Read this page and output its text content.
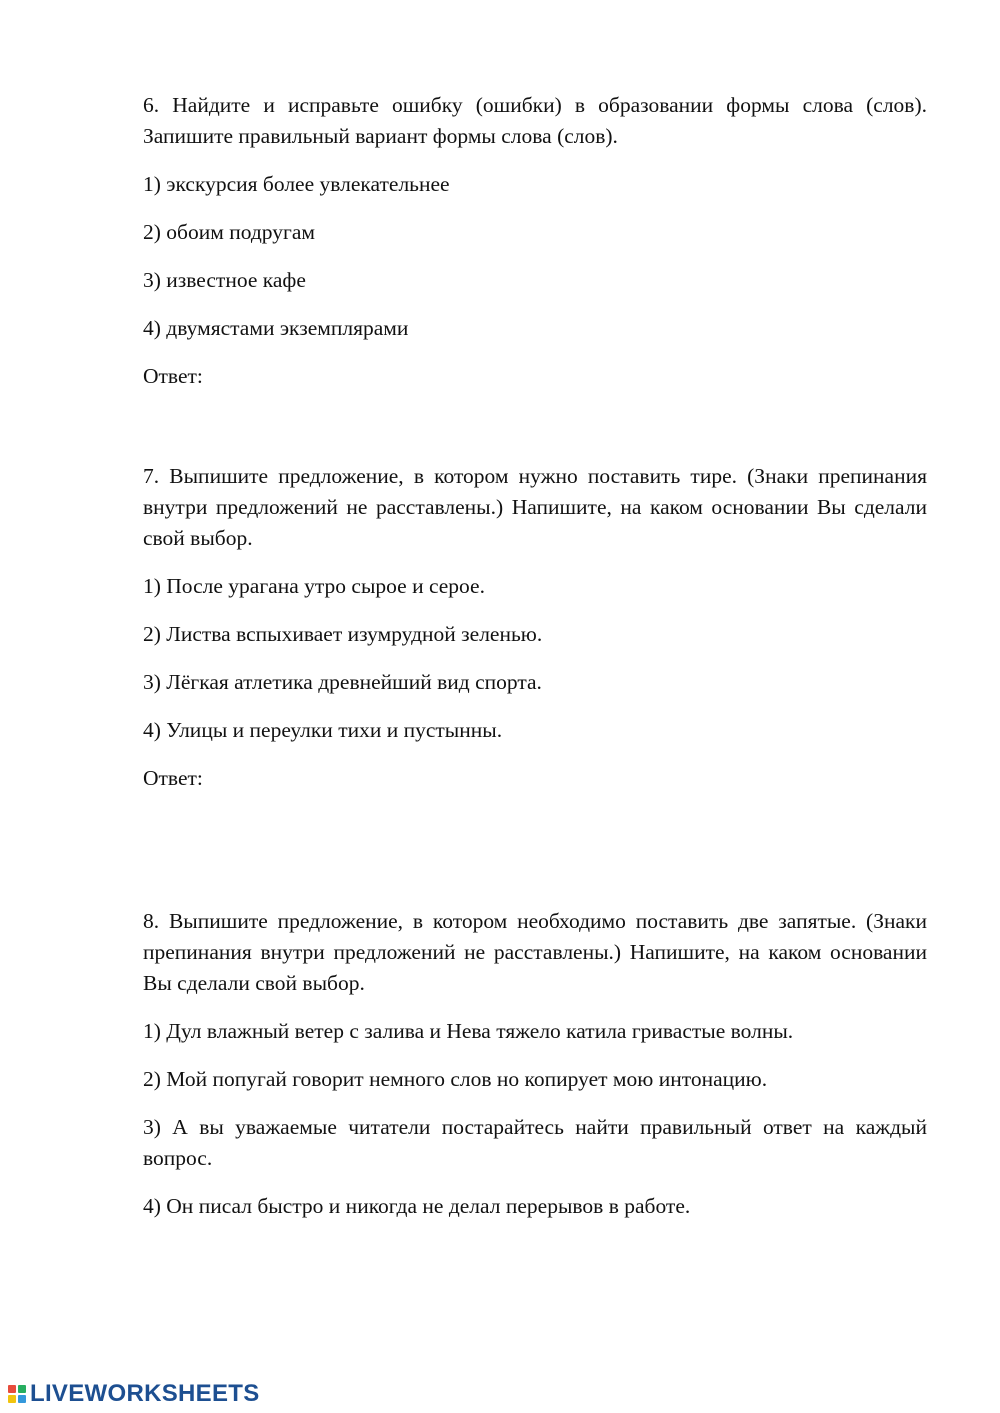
6. Найдите и исправьте ошибку (ошибки) в образовании формы слова (слов). Запишите правильный вариант формы слова (слов).

1) экскурсия более увлекательнее

2) обоим подругам

3) известное кафе

4) двумястами экземплярами

Ответ:

7. Выпишите предложение, в котором нужно поставить тире. (Знаки препинания внутри предложений не расставлены.) Напишите, на каком основании Вы сделали свой выбор.

1) После урагана утро сырое и серое.

2) Листва вспыхивает изумрудной зеленью.

3) Лёгкая атлетика древнейший вид спорта.

4) Улицы и переулки тихи и пустынны.

Ответ:

8. Выпишите предложение, в котором необходимо поставить две запятые. (Знаки препинания внутри предложений не расставлены.) Напишите, на каком основании Вы сделали свой выбор.

1) Дул влажный ветер с залива и Нева тяжело катила гривастые волны.

2) Мой попугай говорит немного слов но копирует мою интонацию.

3) А вы уважаемые читатели постарайтесь найти правильный ответ на каждый вопрос.

4) Он писал быстро и никогда не делал перерывов в работе.

LIVEWORKSHEETS
